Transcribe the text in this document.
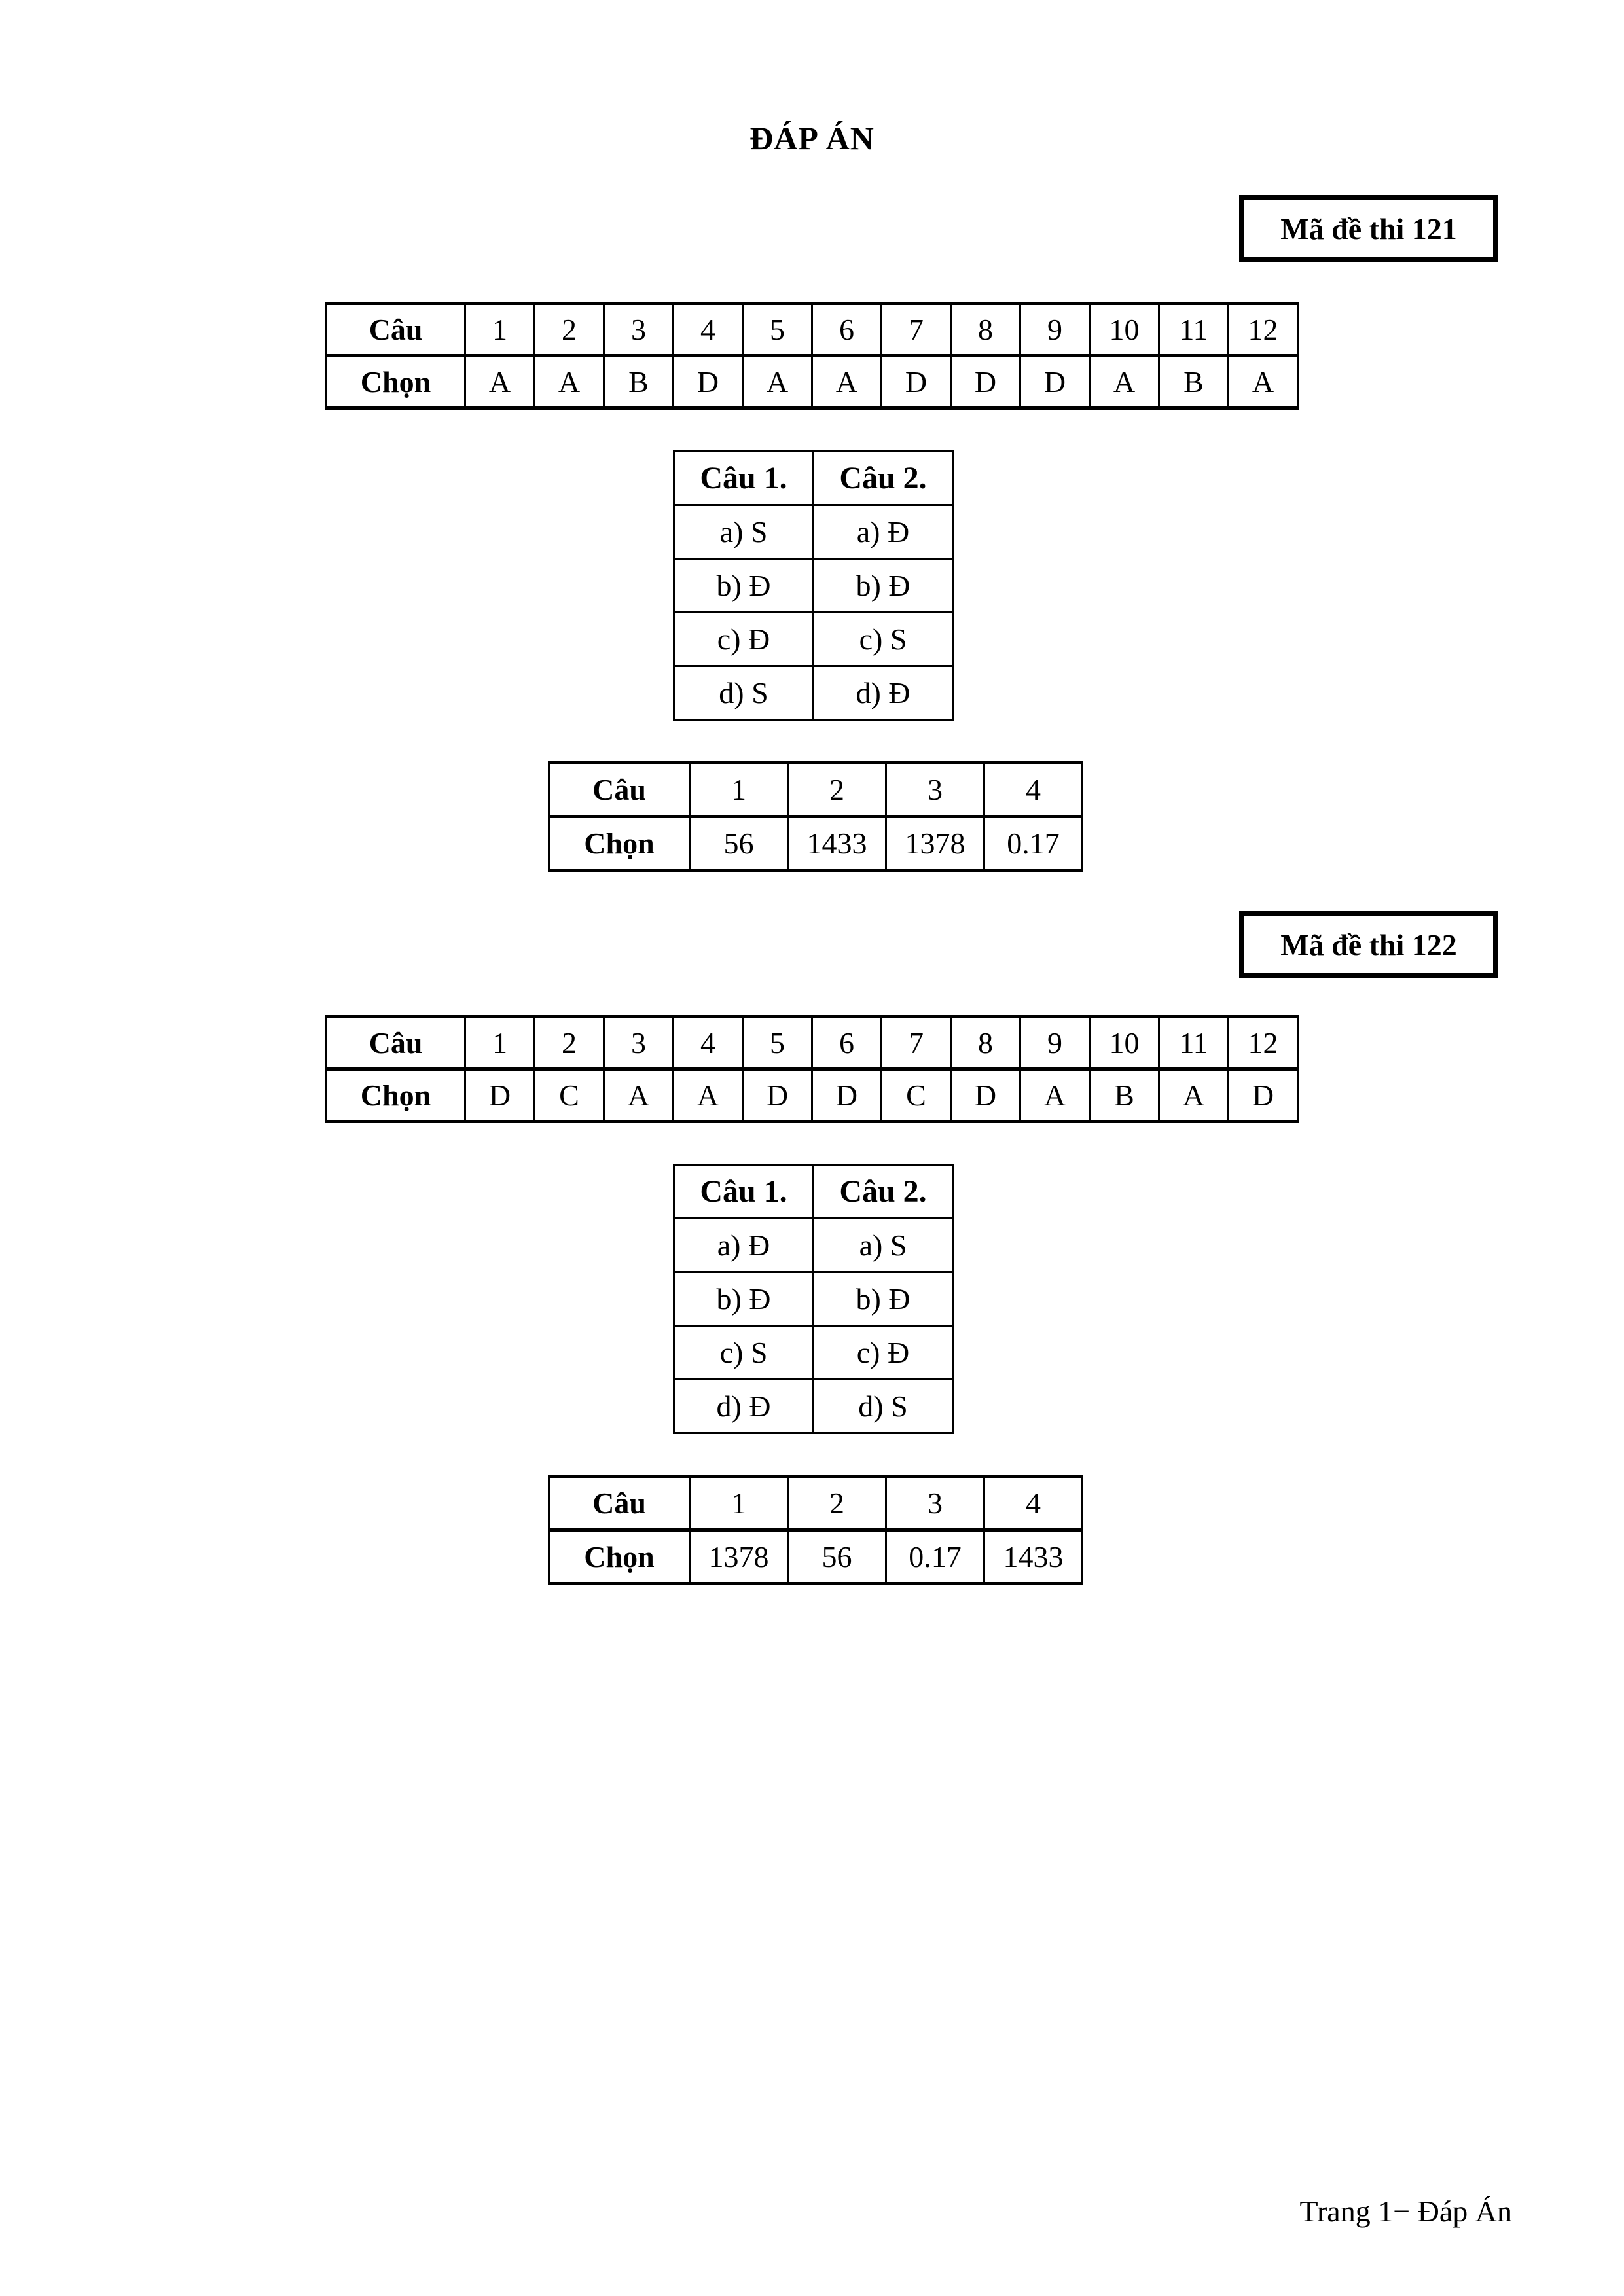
ĐÁP ÁN
Mã đề thi 121
Câu	1	2	3	4	5	6	7	8	9	10	11	12
Chọn	A	A	B	D	A	A	D	D	D	A	B	A
Câu 1.	Câu 2.
a) S	a) Đ
b) Đ	b) Đ
c) Đ	c) S
d) S	d) Đ
Câu	1	2	3	4
Chọn	56	1433	1378	0.17
Mã đề thi 122
Câu	1	2	3	4	5	6	7	8	9	10	11	12
Chọn	D	C	A	A	D	D	C	D	A	B	A	D
Câu 1.	Câu 2.
a) Đ	a) S
b) Đ	b) Đ
c) S	c) Đ
d) Đ	d) S
Câu	1	2	3	4
Chọn	1378	56	0.17	1433
Trang 1− Đáp Án
